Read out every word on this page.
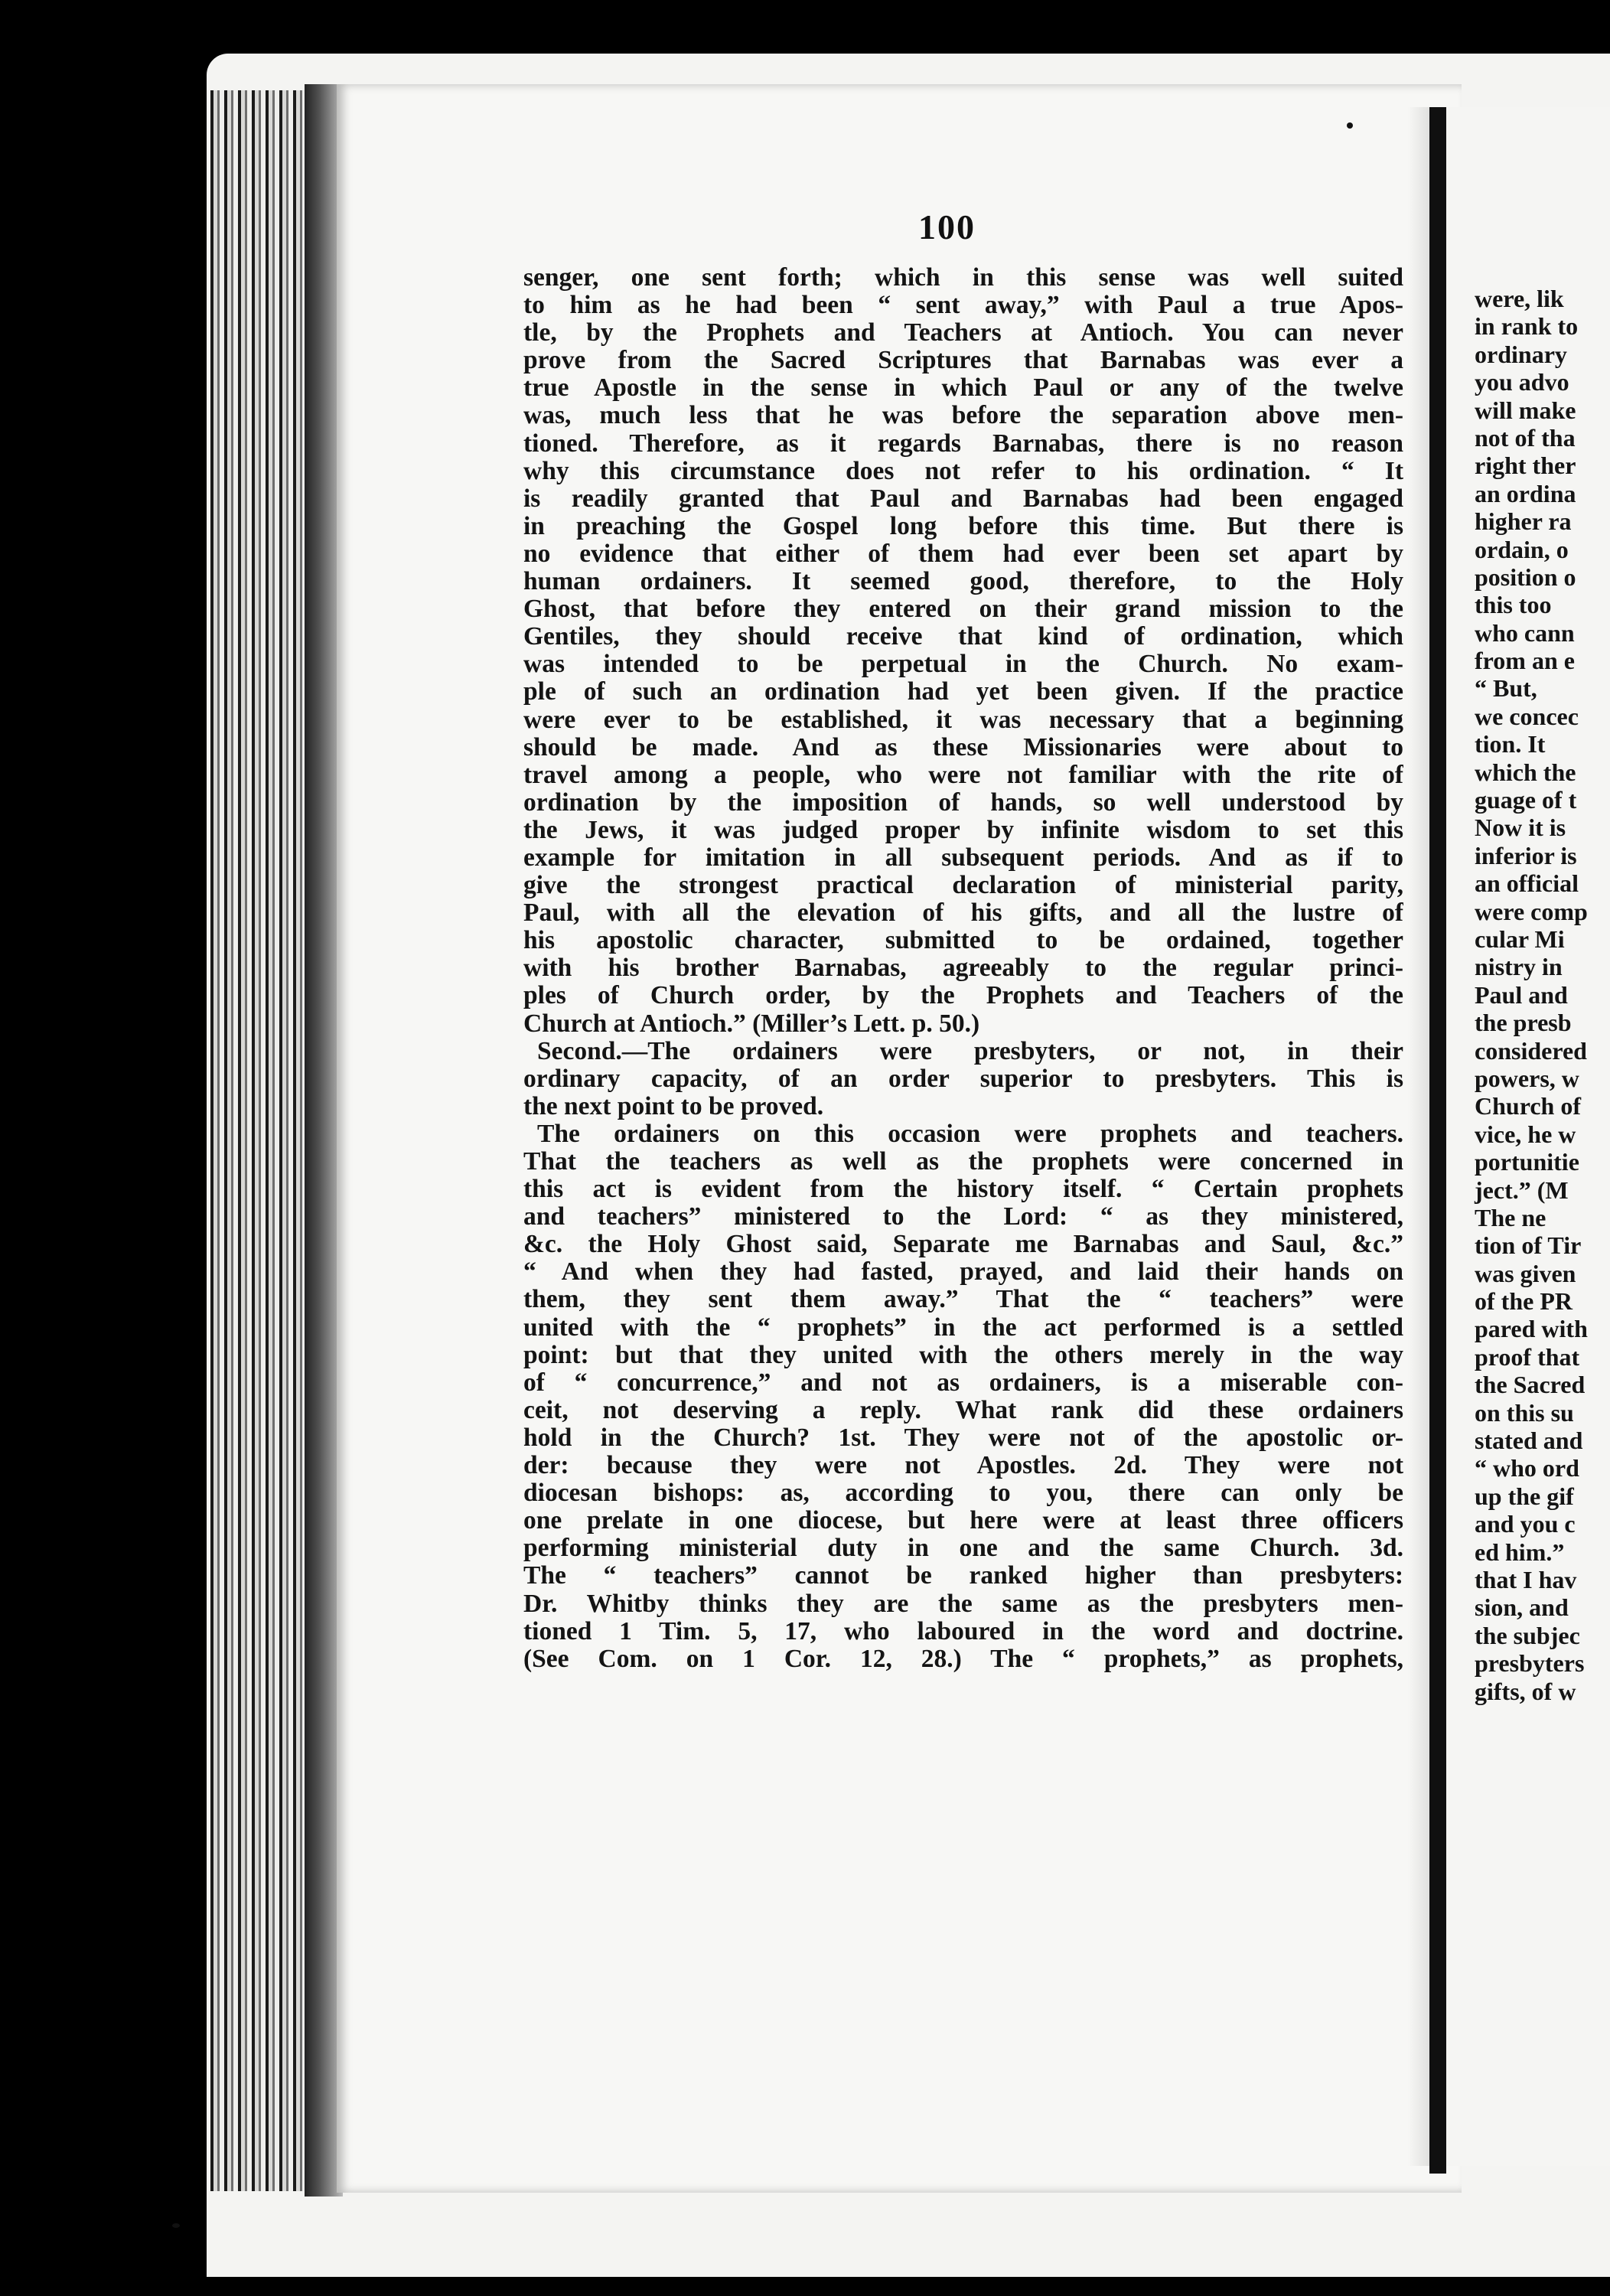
100
senger, one sent forth; which in this sense was well suited
to him as he had been “ sent away,” with Paul a true Apos-
tle, by the Prophets and Teachers at Antioch. You can never
prove from the Sacred Scriptures that Barnabas was ever a
true Apostle in the sense in which Paul or any of the twelve
was, much less that he was before the separation above men-
tioned. Therefore, as it regards Barnabas, there is no reason
why this circumstance does not refer to his ordination. “ It
is readily granted that Paul and Barnabas had been engaged
in preaching the Gospel long before this time. But there is
no evidence that either of them had ever been set apart by
human ordainers. It seemed good, therefore, to the Holy
Ghost, that before they entered on their grand mission to the
Gentiles, they should receive that kind of ordination, which
was intended to be perpetual in the Church. No exam-
ple of such an ordination had yet been given. If the practice
were ever to be established, it was necessary that a beginning
should be made. And as these Missionaries were about to
travel among a people, who were not familiar with the rite of
ordination by the imposition of hands, so well understood by
the Jews, it was judged proper by infinite wisdom to set this
example for imitation in all subsequent periods. And as if to
give the strongest practical declaration of ministerial parity,
Paul, with all the elevation of his gifts, and all the lustre of
his apostolic character, submitted to be ordained, together
with his brother Barnabas, agreeably to the regular princi-
ples of Church order, by the Prophets and Teachers of the
Church at Antioch.” (Miller’s Lett. p. 50.)
Second.—The ordainers were presbyters, or not, in their
ordinary capacity, of an order superior to presbyters. This is
the next point to be proved.
The ordainers on this occasion were prophets and teachers.
That the teachers as well as the prophets were concerned in
this act is evident from the history itself. “ Certain prophets
and teachers” ministered to the Lord: “ as they ministered,
&c. the Holy Ghost said, Separate me Barnabas and Saul, &c.”
“ And when they had fasted, prayed, and laid their hands on
them, they sent them away.” That the “ teachers” were
united with the “ prophets” in the act performed is a settled
point: but that they united with the others merely in the way
of “ concurrence,” and not as ordainers, is a miserable con-
ceit, not deserving a reply. What rank did these ordainers
hold in the Church? 1st. They were not of the apostolic or-
der: because they were not Apostles. 2d. They were not
diocesan bishops: as, according to you, there can only be
one prelate in one diocese, but here were at least three officers
performing ministerial duty in one and the same Church. 3d.
The “ teachers” cannot be ranked higher than presbyters:
Dr. Whitby thinks they are the same as the presbyters men-
tioned 1 Tim. 5, 17, who laboured in the word and doctrine.
(See Com. on 1 Cor. 12, 28.) The “ prophets,” as prophets,
were, lik
in rank to
ordinary
you advo
will make
not of tha
right ther
an ordina
higher ra
ordain, o
position o
this too
who cann
from an e
“ But,
we concec
tion. It
which the
guage of t
Now it is
inferior is
an official
were comp
cular Mi
nistry in
Paul and
the presb
considered
powers, w
Church of
vice, he w
portunitie
ject.” (M
The ne
tion of Tir
was given
of the PR
pared with
proof that
the Sacred
on this su
stated and
“ who ord
up the gif
and you c
ed him.”
that I hav
sion, and
the subjec
presbyters
gifts, of w
